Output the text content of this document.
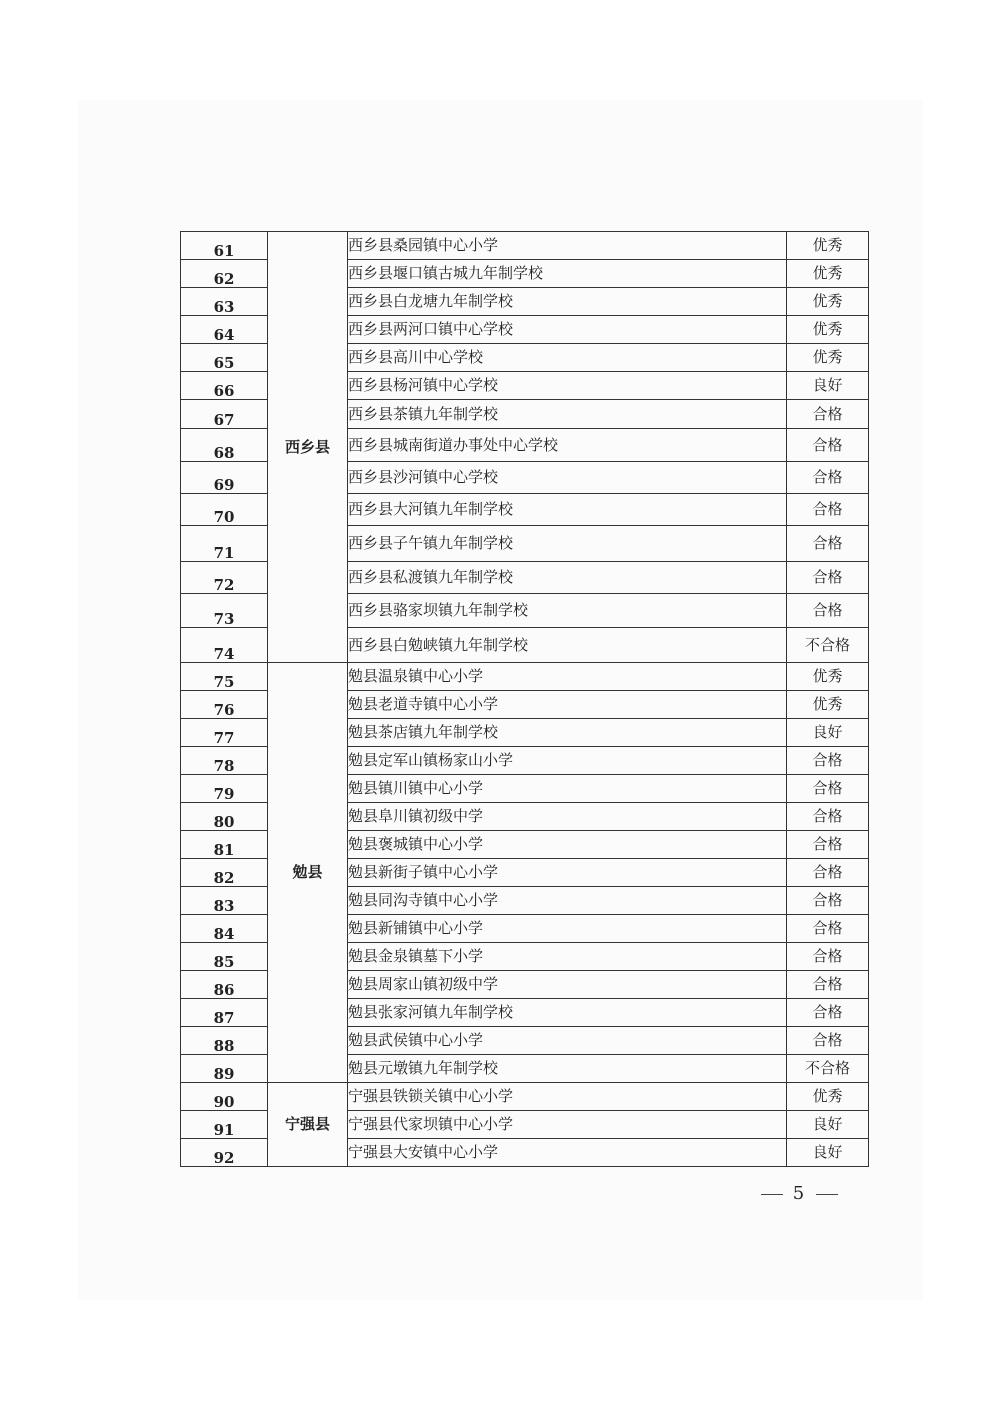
61	西乡县	西乡县桑园镇中心小学	优秀
62		西乡县堰口镇古城九年制学校	优秀
63		西乡县白龙塘九年制学校	优秀
64		西乡县两河口镇中心学校	优秀
65		西乡县高川中心学校	优秀
66		西乡县杨河镇中心学校	良好
67		西乡县茶镇九年制学校	合格
68		西乡县城南街道办事处中心学校	合格
69		西乡县沙河镇中心学校	合格
70		西乡县大河镇九年制学校	合格
71		西乡县子午镇九年制学校	合格
72		西乡县私渡镇九年制学校	合格
73		西乡县骆家坝镇九年制学校	合格
74		西乡县白勉峡镇九年制学校	不合格
75	勉县	勉县温泉镇中心小学	优秀
76		勉县老道寺镇中心小学	优秀
77		勉县茶店镇九年制学校	良好
78		勉县定军山镇杨家山小学	合格
79		勉县镇川镇中心小学	合格
80		勉县阜川镇初级中学	合格
81		勉县褒城镇中心小学	合格
82		勉县新街子镇中心小学	合格
83		勉县同沟寺镇中心小学	合格
84		勉县新铺镇中心小学	合格
85		勉县金泉镇墓下小学	合格
86		勉县周家山镇初级中学	合格
87		勉县张家河镇九年制学校	合格
88		勉县武侯镇中心小学	合格
89		勉县元墩镇九年制学校	不合格
90	宁强县	宁强县铁锁关镇中心小学	优秀
91		宁强县代家坝镇中心小学	良好
92		宁强县大安镇中心小学	良好
5
